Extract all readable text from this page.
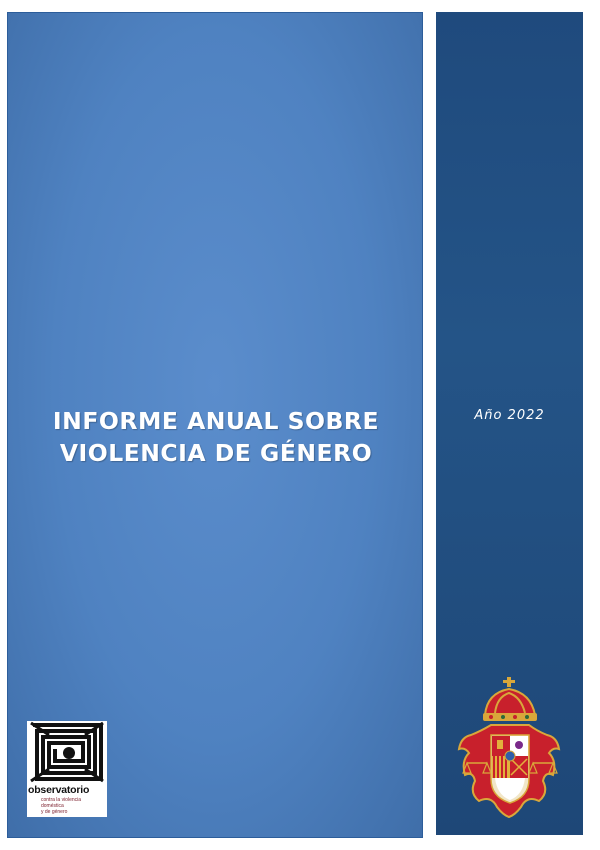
INFORME ANUAL SOBRE
VIOLENCIA DE GÉNERO
observatorio
contra la violencia
doméstica
y de género
Año 2022
